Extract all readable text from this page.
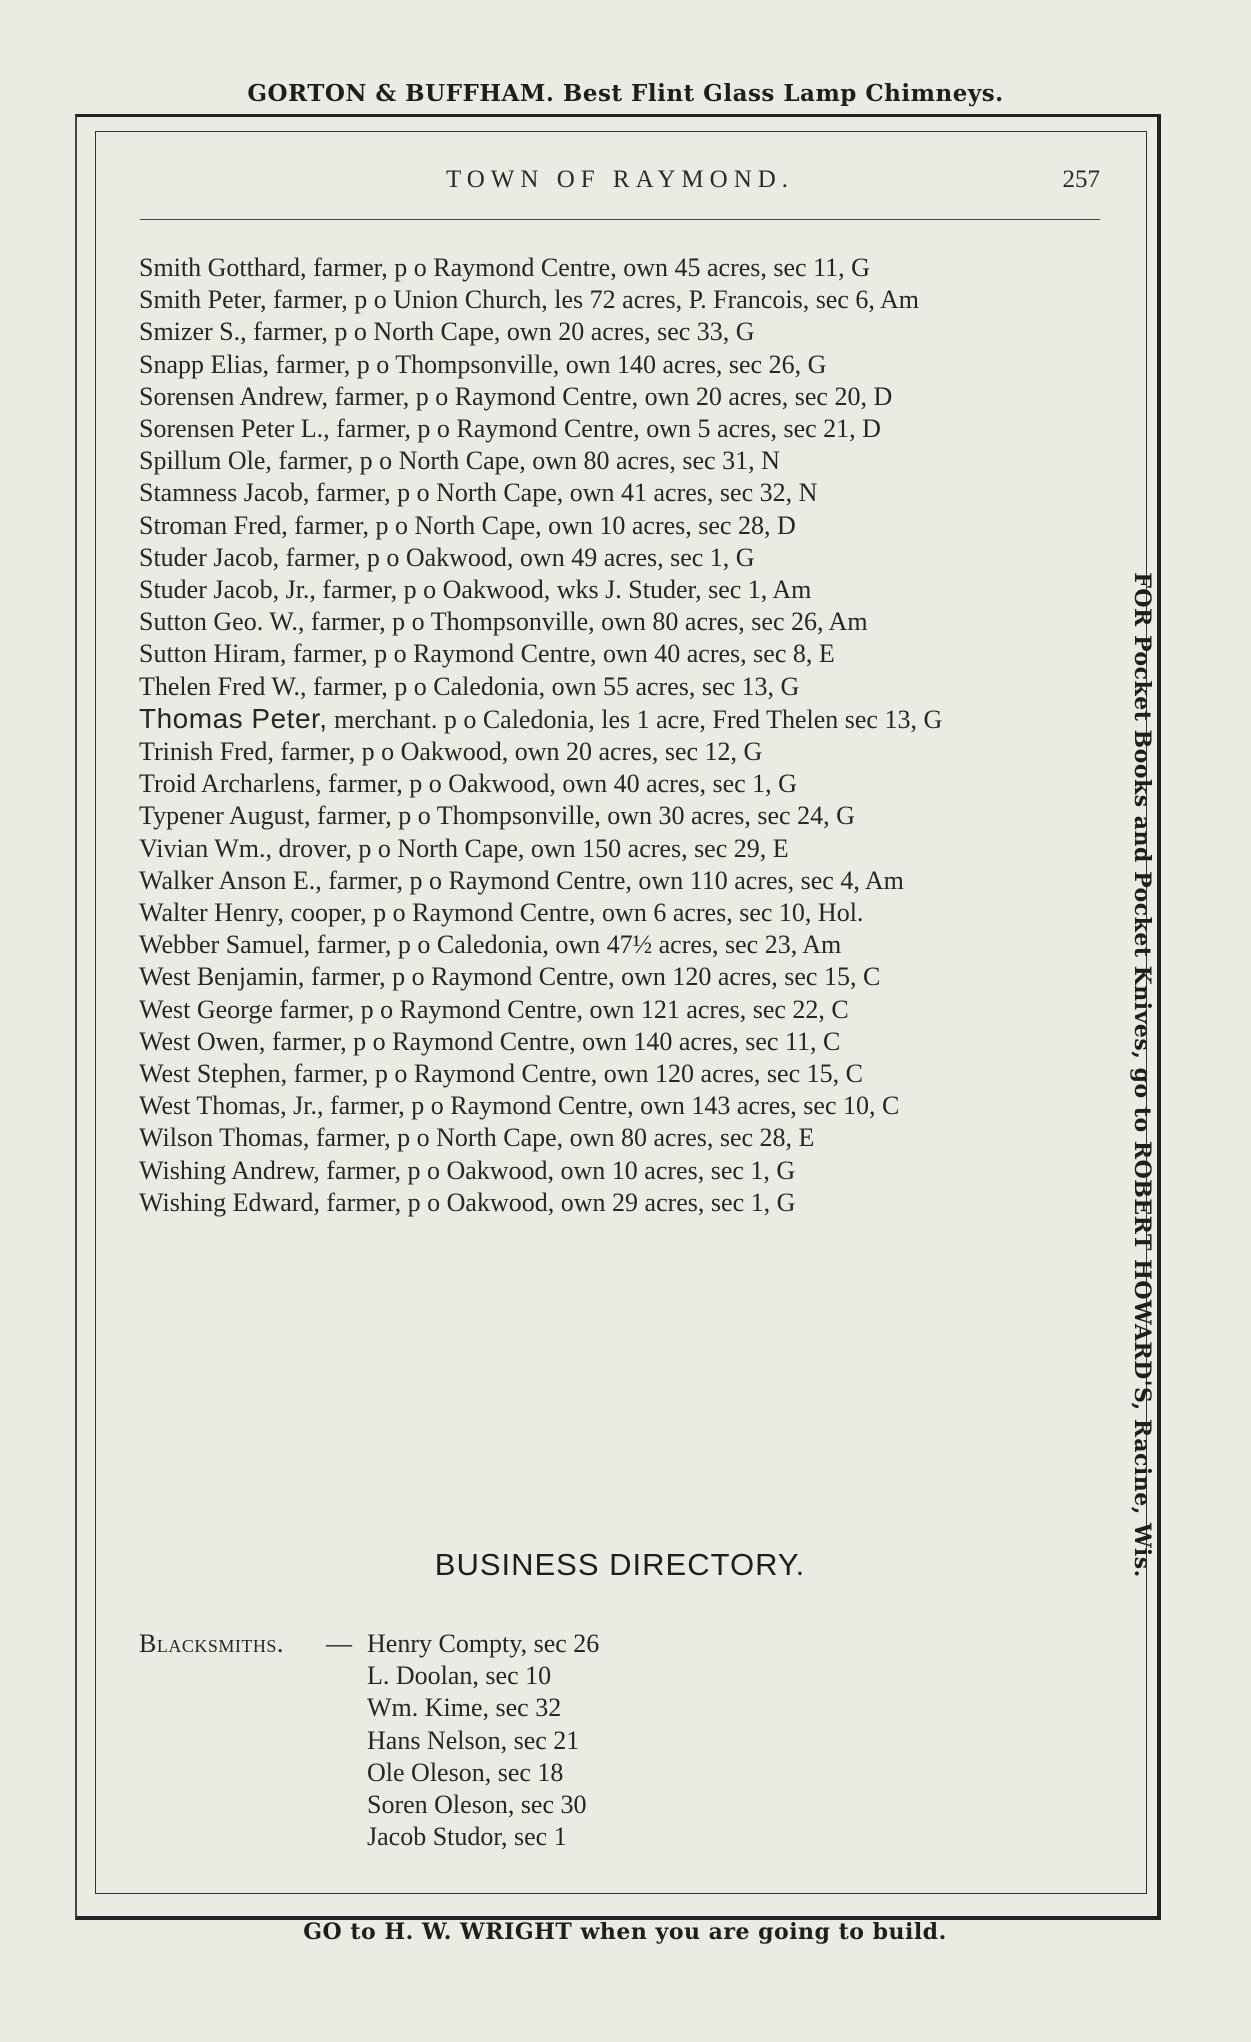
GORTON & BUFFHAM. Best Flint Glass Lamp Chimneys.
TOWN OF RAYMOND.	257
Smith Gotthard, farmer, p o Raymond Centre, own 45 acres, sec 11, G
Smith Peter, farmer, p o Union Church, les 72 acres, P. Francois, sec 6, Am
Smizer S., farmer, p o North Cape, own 20 acres, sec 33, G
Snapp Elias, farmer, p o Thompsonville, own 140 acres, sec 26, G
Sorensen Andrew, farmer, p o Raymond Centre, own 20 acres, sec 20, D
Sorensen Peter L., farmer, p o Raymond Centre, own 5 acres, sec 21, D
Spillum Ole, farmer, p o North Cape, own 80 acres, sec 31, N
Stamness Jacob, farmer, p o North Cape, own 41 acres, sec 32, N
Stroman Fred, farmer, p o North Cape, own 10 acres, sec 28, D
Studer Jacob, farmer, p o Oakwood, own 49 acres, sec 1, G
Studer Jacob, Jr., farmer, p o Oakwood, wks J. Studer, sec 1, Am
Sutton Geo. W., farmer, p o Thompsonville, own 80 acres, sec 26, Am
Sutton Hiram, farmer, p o Raymond Centre, own 40 acres, sec 8, E
Thelen Fred W., farmer, p o Caledonia, own 55 acres, sec 13, G
Thomas Peter, merchant. p o Caledonia, les 1 acre, Fred Thelen sec 13, G
Trinish Fred, farmer, p o Oakwood, own 20 acres, sec 12, G
Troid Archarlens, farmer, p o Oakwood, own 40 acres, sec 1, G
Typener August, farmer, p o Thompsonville, own 30 acres, sec 24, G
Vivian Wm., drover, p o North Cape, own 150 acres, sec 29, E
Walker Anson E., farmer, p o Raymond Centre, own 110 acres, sec 4, Am
Walter Henry, cooper, p o Raymond Centre, own 6 acres, sec 10, Hol.
Webber Samuel, farmer, p o Caledonia, own 47½ acres, sec 23, Am
West Benjamin, farmer, p o Raymond Centre, own 120 acres, sec 15, C
West George farmer, p o Raymond Centre, own 121 acres, sec 22, C
West Owen, farmer, p o Raymond Centre, own 140 acres, sec 11, C
West Stephen, farmer, p o Raymond Centre, own 120 acres, sec 15, C
West Thomas, Jr., farmer, p o Raymond Centre, own 143 acres, sec 10, C
Wilson Thomas, farmer, p o North Cape, own 80 acres, sec 28, E
Wishing Andrew, farmer, p o Oakwood, own 10 acres, sec 1, G
Wishing Edward, farmer, p o Oakwood, own 29 acres, sec 1, G
BUSINESS DIRECTORY.
Blacksmiths. — Henry Compty, sec 26
L. Doolan, sec 10
Wm. Kime, sec 32
Hans Nelson, sec 21
Ole Oleson, sec 18
Soren Oleson, sec 30
Jacob Studor, sec 1
FOR Pocket Books and Pocket Knives, go to ROBERT HOWARD'S, Racine, Wis.
GO to H. W. WRIGHT when you are going to build.
